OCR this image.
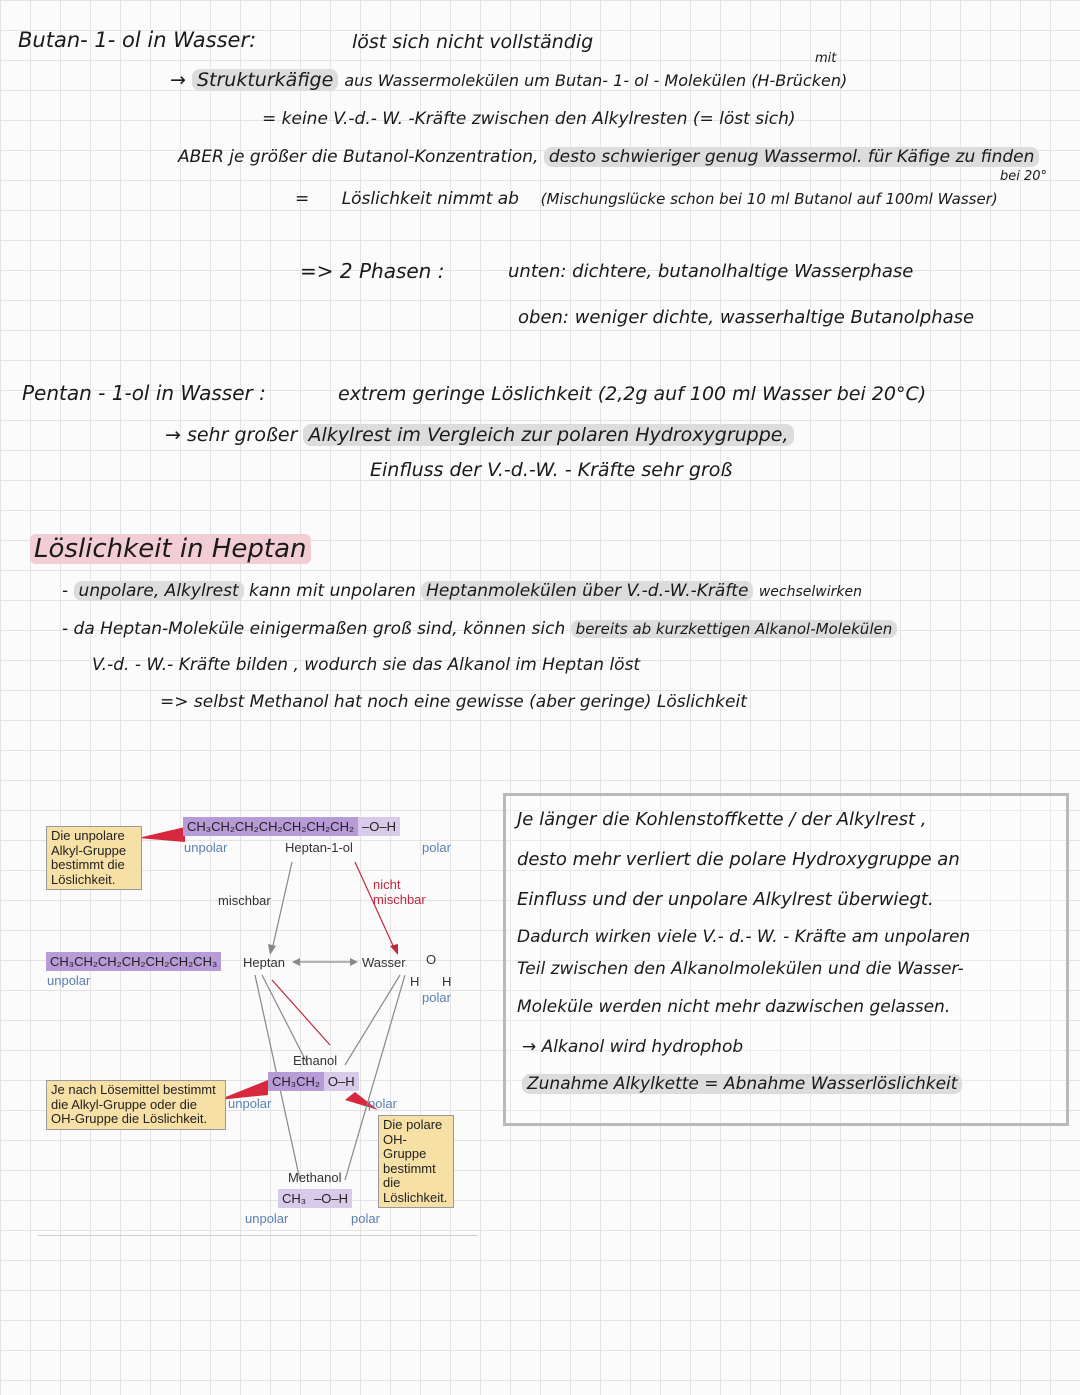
Butan- 1- ol in Wasser:	löst sich nicht vollständig
mit
→ Strukturkäfige aus Wassermolekülen um Butan- 1- ol - Molekülen (H-Brücken)
= keine V.-d.- W. -Kräfte zwischen den Alkylresten (= löst sich)
ABER je größer die Butanol-Konzentration, desto schwieriger genug Wassermol. für Käfige zu finden
bei 20°
= Löslichkeit nimmt ab (Mischungslücke schon bei 10 ml Butanol auf 100ml Wasser)
=> 2 Phasen :	unten: dichtere, butanolhaltige Wasserphase
oben: weniger dichte, wasserhaltige Butanolphase
Pentan - 1-ol in Wasser :	extrem geringe Löslichkeit (2,2g auf 100 ml Wasser bei 20°C)
→ sehr großer Alkylrest im Vergleich zur polaren Hydroxygruppe,
Einfluss der V.-d.-W. - Kräfte sehr groß
Löslichkeit in Heptan
- unpolare, Alkylrest kann mit unpolaren Heptanmolekülen über V.-d.-W.-Kräfte wechselwirken
- da Heptan-Moleküle einigermaßen groß sind, können sich bereits ab kurzkettigen Alkanol-Molekülen
V.-d. - W.- Kräfte bilden , wodurch sie das Alkanol im Heptan löst
=> selbst Methanol hat noch eine gewisse (aber geringe) Löslichkeit
Die unpolare Alkyl-Gruppe bestimmt die Löslichkeit.
CH₃CH₂CH₂CH₂CH₂CH₂CH₂ –O–H
unpolar	Heptan-1-ol	polar
mischbar
nicht mischbar
CH₃CH₂CH₂CH₂CH₂CH₂CH₃	Heptan
unpolar
Wasser O
H H
polar
Ethanol
CH₃CH₂ O–H
Je nach Lösemittel bestimmt die Alkyl-Gruppe oder die OH-Gruppe die Löslichkeit.
unpolar	polar
Die polare OH-Gruppe bestimmt die Löslichkeit.
Methanol
CH₃ –O–H
unpolar	polar
Je länger die Kohlenstoffkette / der Alkylrest ,
desto mehr verliert die polare Hydroxygruppe an
Einfluss und der unpolare Alkylrest überwiegt.
Dadurch wirken viele V.- d.- W. - Kräfte am unpolaren
Teil zwischen den Alkanolmolekülen und die Wasser-
Moleküle werden nicht mehr dazwischen gelassen.
→ Alkanol wird hydrophob
Zunahme Alkylkette = Abnahme Wasserlöslichkeit
